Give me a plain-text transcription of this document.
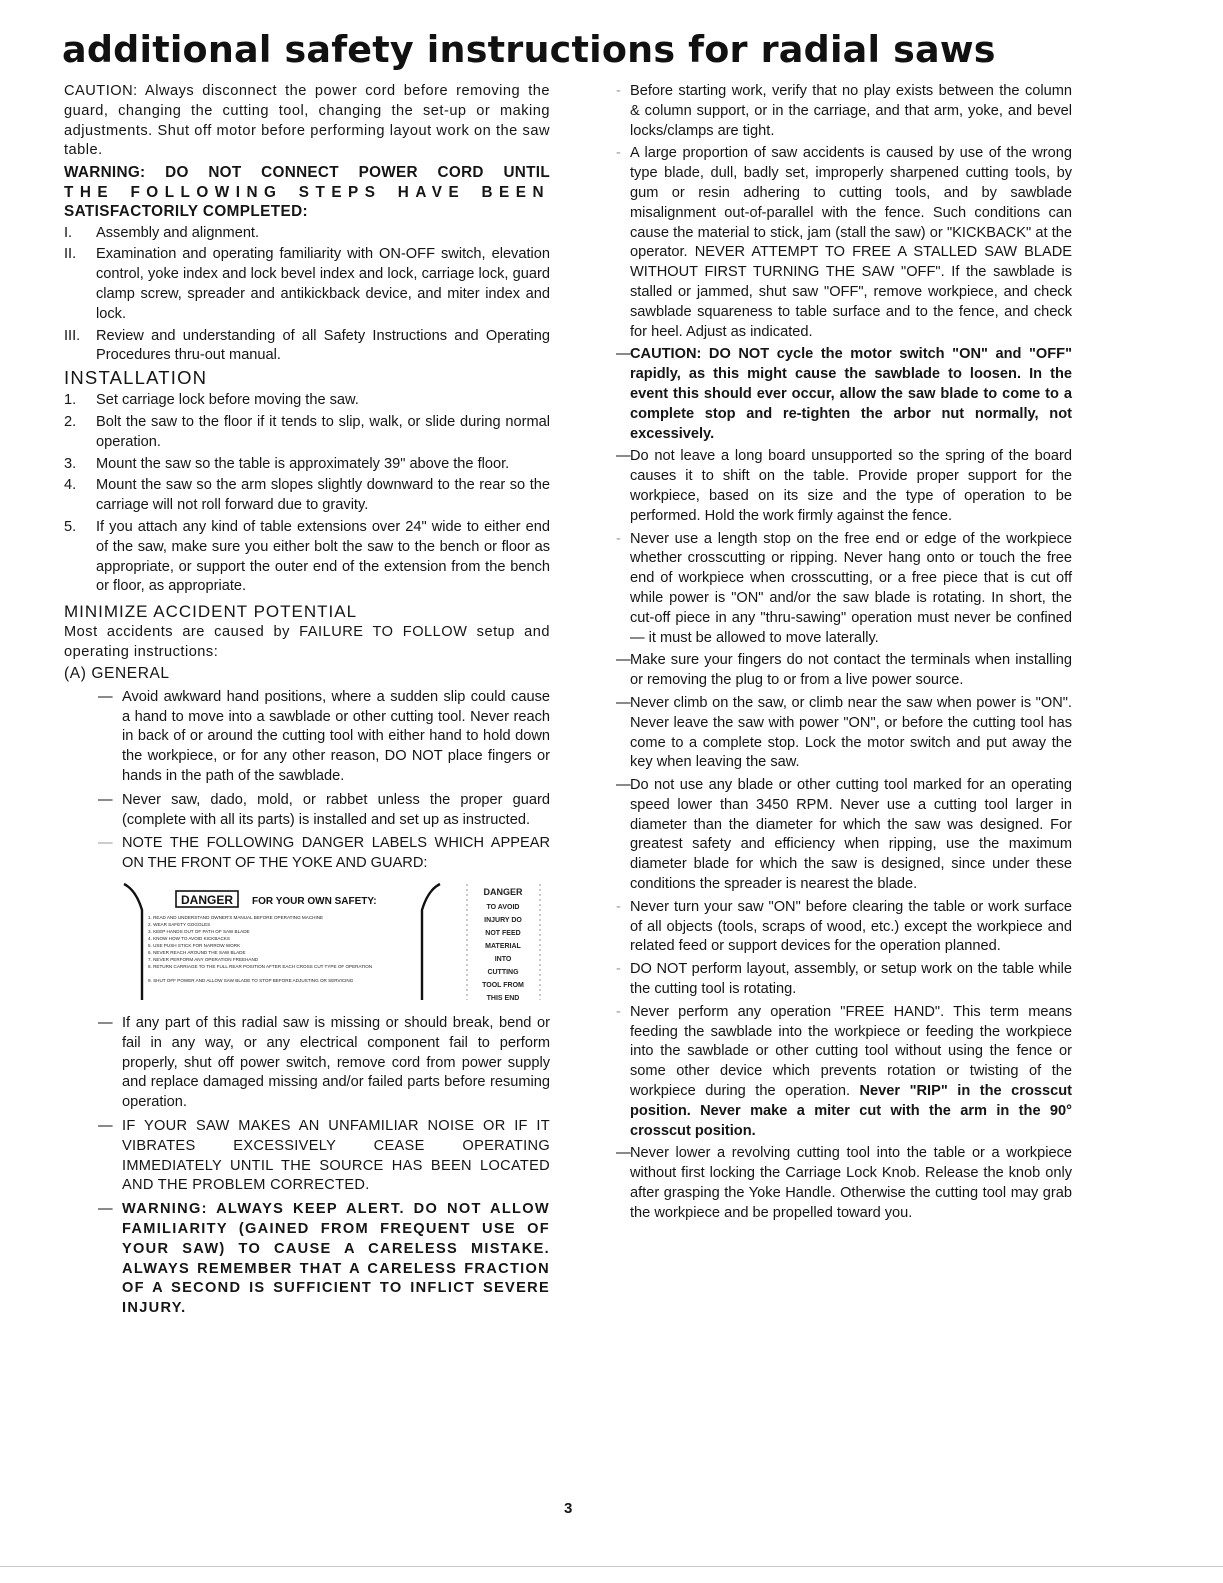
additional safety instructions for radial saws

CAUTION: Always disconnect the power cord before removing the guard, changing the cutting tool, changing the set-up or making adjustments. Shut off motor before performing layout work on the saw table.

WARNING: DO NOT CONNECT POWER CORD UNTIL
THE FOLLOWING STEPS HAVE BEEN
SATISFACTORILY COMPLETED:
I.	Assembly and alignment.
II.	Examination and operating familiarity with ON-OFF switch, elevation control, yoke index and lock bevel index and lock, carriage lock, guard clamp screw, spreader and antikickback device, and miter index and lock.
III.	Review and understanding of all Safety Instructions and Operating Procedures thru-out manual.
INSTALLATION
1.	Set carriage lock before moving the saw.
2.	Bolt the saw to the floor if it tends to slip, walk, or slide during normal operation.
3.	Mount the saw so the table is approximately 39" above the floor.
4.	Mount the saw so the arm slopes slightly downward to the rear so the carriage will not roll forward due to gravity.
5.	If you attach any kind of table extensions over 24" wide to either end of the saw, make sure you either bolt the saw to the bench or floor as appropriate, or support the outer end of the extension from the bench or floor, as appropriate.
MINIMIZE ACCIDENT POTENTIAL

Most accidents are caused by FAILURE TO FOLLOW setup and operating instructions:

(A) GENERAL
— Avoid awkward hand positions, where a sudden slip could cause a hand to move into a sawblade or other cutting tool. Never reach in back of or around the cutting tool with either hand to hold down the workpiece, or for any other reason, DO NOT place fingers or hands in the path of the sawblade.
— Never saw, dado, mold, or rabbet unless the proper guard (complete with all its parts) is installed and set up as instructed.
— NOTE THE FOLLOWING DANGER LABELS WHICH APPEAR ON THE FRONT OF THE YOKE AND GUARD:
DANGER FOR YOUR OWN SAFETY:
1. READ AND UNDERSTAND OWNER'S MANUAL BEFORE OPERATING MACHINE
2. WEAR SAFETY GOGGLES
3. KEEP HANDS OUT OF PATH OF SAW BLADE
4. KNOW HOW TO AVOID KICKBACKS
5. USE PUSH STICK FOR NARROW WORK
6. NEVER REACH AROUND THE SAW BLADE
7. NEVER PERFORM ANY OPERATION FREEHAND
8. RETURN CARRIAGE TO THE FULL REAR POSITION AFTER EACH CROSS CUT TYPE OF OPERATION
9. SHUT OFF POWER AND ALLOW SAW BLADE TO STOP BEFORE ADJUSTING OR SERVICING
DANGER
TO AVOID
INJURY DO
NOT FEED
MATERIAL
INTO
CUTTING
TOOL FROM
THIS END
— If any part of this radial saw is missing or should break, bend or fail in any way, or any electrical component fail to perform properly, shut off power switch, remove cord from power supply and replace damaged missing and/or failed parts before resuming operation.
— IF YOUR SAW MAKES AN UNFAMILIAR NOISE OR IF IT VIBRATES EXCESSIVELY CEASE OPERATING IMMEDIATELY UNTIL THE SOURCE HAS BEEN LOCATED AND THE PROBLEM CORRECTED.
— WARNING: ALWAYS KEEP ALERT. DO NOT ALLOW FAMILIARITY (GAINED FROM FREQUENT USE OF YOUR SAW) TO CAUSE A CARELESS MISTAKE. ALWAYS REMEMBER THAT A CARELESS FRACTION OF A SECOND IS SUFFICIENT TO INFLICT SEVERE INJURY.
- Before starting work, verify that no play exists between the column & column support, or in the carriage, and that arm, yoke, and bevel locks/clamps are tight.
- A large proportion of saw accidents is caused by use of the wrong type blade, dull, badly set, improperly sharpened cutting tools, by gum or resin adhering to cutting tools, and by sawblade misalignment out-of-parallel with the fence. Such conditions can cause the material to stick, jam (stall the saw) or "KICKBACK" at the operator. NEVER ATTEMPT TO FREE A STALLED SAW BLADE WITHOUT FIRST TURNING THE SAW "OFF". If the sawblade is stalled or jammed, shut saw "OFF", remove workpiece, and check sawblade squareness to table surface and to the fence, and check for heel. Adjust as indicated.
— CAUTION: DO NOT cycle the motor switch "ON" and "OFF" rapidly, as this might cause the sawblade to loosen. In the event this should ever occur, allow the saw blade to come to a complete stop and re-tighten the arbor nut normally, not excessively.
— Do not leave a long board unsupported so the spring of the board causes it to shift on the table. Provide proper support for the workpiece, based on its size and the type of operation to be performed. Hold the work firmly against the fence.
- Never use a length stop on the free end or edge of the workpiece whether crosscutting or ripping. Never hang onto or touch the free end of workpiece when crosscutting, or a free piece that is cut off while power is "ON" and/or the saw blade is rotating. In short, the cut-off piece in any "thru-sawing" operation must never be confined — it must be allowed to move laterally.
— Make sure your fingers do not contact the terminals when installing or removing the plug to or from a live power source.
— Never climb on the saw, or climb near the saw when power is "ON". Never leave the saw with power "ON", or before the cutting tool has come to a complete stop. Lock the motor switch and put away the key when leaving the saw.
— Do not use any blade or other cutting tool marked for an operating speed lower than 3450 RPM. Never use a cutting tool larger in diameter than the diameter for which the saw was designed. For greatest safety and efficiency when ripping, use the maximum diameter blade for which the saw is designed, since under these conditions the spreader is nearest the blade.
- Never turn your saw "ON" before clearing the table or work surface of all objects (tools, scraps of wood, etc.) except the workpiece and related feed or support devices for the operation planned.
- DO NOT perform layout, assembly, or setup work on the table while the cutting tool is rotating.
- Never perform any operation "FREE HAND". This term means feeding the sawblade into the workpiece or feeding the workpiece into the sawblade or other cutting tool without using the fence or some other device which prevents rotation or twisting of the workpiece during the operation. Never "RIP" in the crosscut position. Never make a miter cut with the arm in the 90° crosscut position.
— Never lower a revolving cutting tool into the table or a workpiece without first locking the Carriage Lock Knob. Release the knob only after grasping the Yoke Handle. Otherwise the cutting tool may grab the workpiece and be propelled toward you.
3
